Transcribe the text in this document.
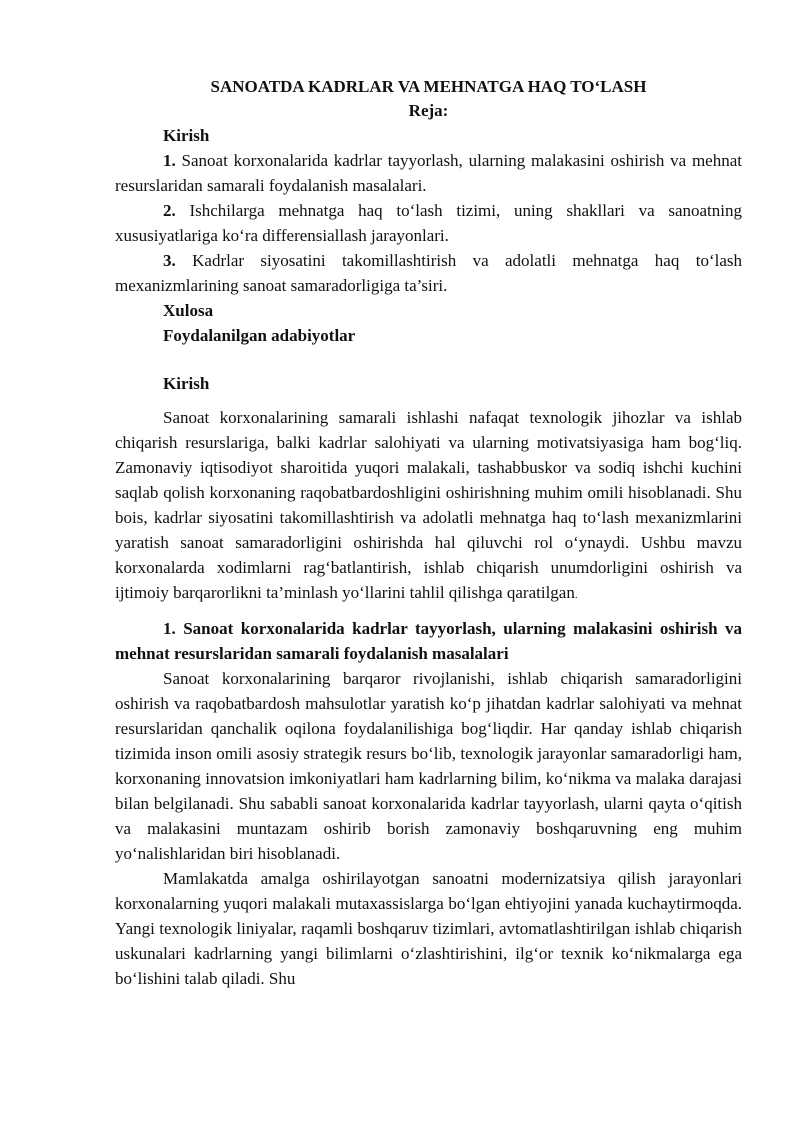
SANOATDA KADRLAR VA MEHNATGA HAQ TO‘LASH

Reja:

Kirish

1. Sanoat korxonalarida kadrlar tayyorlash, ularning malakasini oshirish va mehnat resurslaridan samarali foydalanish masalalari.

2. Ishchilarga mehnatga haq to‘lash tizimi, uning shakllari va sanoatning xususiyatlariga ko‘ra differensiallash jarayonlari.

3. Kadrlar siyosatini takomillashtirish va adolatli mehnatga haq to‘lash mexanizmlarining sanoat samaradorligiga ta’siri.

Xulosa

Foydalanilgan adabiyotlar

Kirish

Sanoat korxonalarining samarali ishlashi nafaqat texnologik jihozlar va ishlab chiqarish resurslariga, balki kadrlar salohiyati va ularning motivatsiyasiga ham bog‘liq. Zamonaviy iqtisodiyot sharoitida yuqori malakali, tashabbuskor va sodiq ishchi kuchini saqlab qolish korxonaning raqobatbardoshligini oshirishning muhim omili hisoblanadi. Shu bois, kadrlar siyosatini takomillashtirish va adolatli mehnatga haq to‘lash mexanizmlarini yaratish sanoat samaradorligini oshirishda hal qiluvchi rol o‘ynaydi. Ushbu mavzu korxonalarda xodimlarni rag‘batlantirish, ishlab chiqarish unumdorligini oshirish va ijtimoiy barqarorlikni ta’minlash yo‘llarini tahlil qilishga qaratilgan.

1. Sanoat korxonalarida kadrlar tayyorlash, ularning malakasini oshirish va mehnat resurslaridan samarali foydalanish masalalari

Sanoat korxonalarining barqaror rivojlanishi, ishlab chiqarish samaradorligini oshirish va raqobatbardosh mahsulotlar yaratish ko‘p jihatdan kadrlar salohiyati va mehnat resurslaridan qanchalik oqilona foydalanilishiga bog‘liqdir. Har qanday ishlab chiqarish tizimida inson omili asosiy strategik resurs bo‘lib, texnologik jarayonlar samaradorligi ham, korxonaning innovatsion imkoniyatlari ham kadrlarning bilim, ko‘nikma va malaka darajasi bilan belgilanadi. Shu sababli sanoat korxonalarida kadrlar tayyorlash, ularni qayta o‘qitish va malakasini muntazam oshirib borish zamonaviy boshqaruvning eng muhim yo‘nalishlaridan biri hisoblanadi.

Mamlakatda amalga oshirilayotgan sanoatni modernizatsiya qilish jarayonlari korxonalarning yuqori malakali mutaxassislarga bo‘lgan ehtiyojini yanada kuchaytirmoqda. Yangi texnologik liniyalar, raqamli boshqaruv tizimlari, avtomatlashtirilgan ishlab chiqarish uskunalari kadrlarning yangi bilimlarni o‘zlashtirishini, ilg‘or texnik ko‘nikmalarga ega bo‘lishini talab qiladi. Shu
